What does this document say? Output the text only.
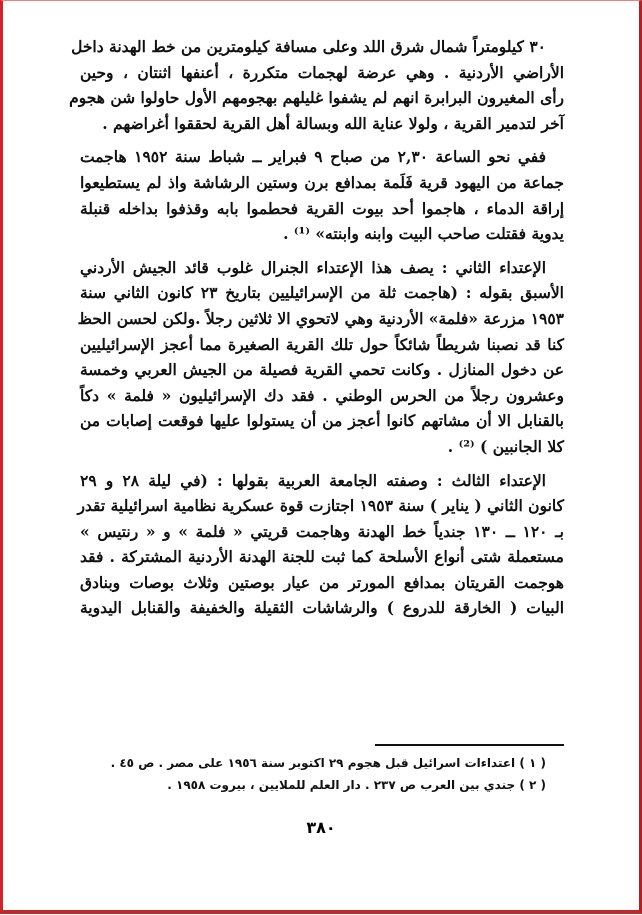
٣٠ كيلومتراً شمال شرق اللد وعلى مسافة كيلومترين من خط الهدنة داخل
الأراضي الأردنية . وهي عرضة لهجمات متكررة ، أعنفها اثنتان ، وحين
رأى المغيرون البرابرة انهم لم يشفوا غليلهم بهجومهم الأول حاولوا شن هجوم
آخر لتدمير القرية ، ولولا عناية الله وبسالة أهل القرية لحققوا أغراضهم .
ففي نحو الساعة ٢,٣٠ من صباح ٩ فبراير ــ شباط سنة ١٩٥٢ هاجمت
جماعة من اليهود قرية فَلَمة بمدافع برن وستين الرشاشة واذ لم يستطيعوا
إراقة الدماء ، هاجموا أحد بيوت القرية فحطموا بابه وقذفوا بداخله قنبلة
يدوية فقتلت صاحب البيت وابنه وابنته» ⁽¹⁾ .
الإعتداء الثاني : يصف هذا الإعتداء الجنرال غلوب قائد الجيش الأردني
الأسبق بقوله : (هاجمت ثلة من الإسرائيليين بتاريخ ٢٣ كانون الثاني سنة
١٩٥٣ مزرعة «فلمة» الأردنية وهي لاتحوي الا ثلاثين رجلاً .ولكن لحسن الحظ
كنا قد نصبنا شريطاً شائكاً حول تلك القرية الصغيرة مما أعجز الإسرائيليين
عن دخول المنازل . وكانت تحمي القرية فصيلة من الجيش العربي وخمسة
وعشرون رجلاً من الحرس الوطني . فقد دك الإسرائيليون « فلمة » دكاً
بالقنابل الا أن مشاتهم كانوا أعجز من أن يستولوا عليها فوقعت إصابات من
كلا الجانبين ) ⁽²⁾ .
الإعتداء الثالث : وصفته الجامعة العربية بقولها : (في ليلة ٢٨ و ٢٩
كانون الثاني ( يناير ) سنة ١٩٥٣ اجتازت قوة عسكرية نظامية اسرائيلية تقدر
بـ ١٢٠ ــ ١٣٠ جندياً خط الهدنة وهاجمت قريتي « فلمة » و « رنتيس »
مستعملة شتى أنواع الأسلحة كما ثبت للجنة الهدنة الأردنية المشتركة . فقد
هوجمت القريتان بمدافع المورتر من عيار بوصتين وثلاث بوصات وبنادق
البيات ( الخارقة للدروع ) والرشاشات الثقيلة والخفيفة والقنابل اليدوية
( ١ ) اعتداءات اسرائيل قبل هجوم ٢٩ اكتوبر سنة ١٩٥٦ على مصر . ص ٤٥ .
( ٢ ) جندي بين العرب ص ٢٣٧ . دار العلم للملايين ، بيروت ١٩٥٨ .
٣٨٠
